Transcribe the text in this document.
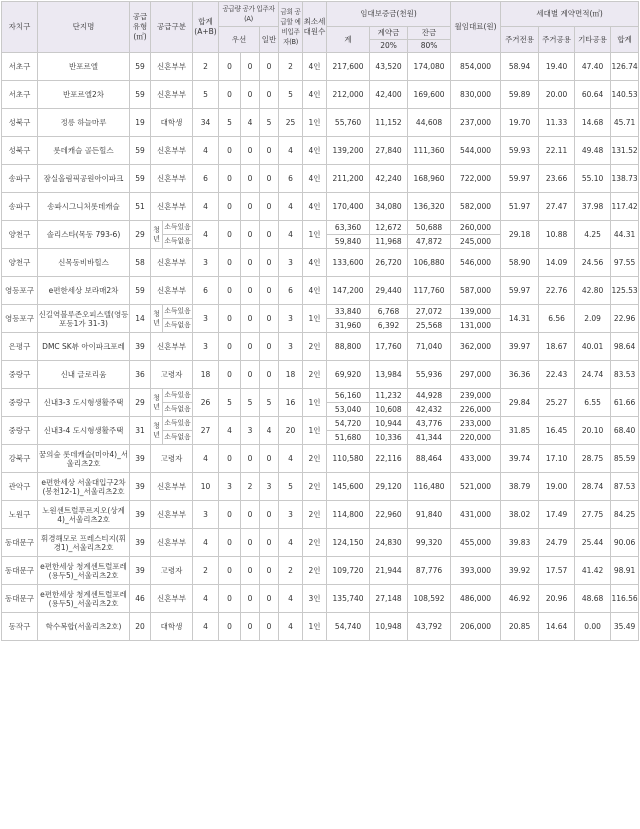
자치구	단지명	공급유형(㎡)	공급구분		합계(A+B)	공급량 공가 입주자(A)			금회 공급할 예비입주자(B)	최소세대원수	임대보증금(천원)			월임대료(원)	세대별 계약면적(㎡)			
						우선		일반			계	계약금	잔금		주거전용	주거공용	기타공용	합계
												20%	80%					
서초구	반포르엘	59	신혼부부		2	0	0	0	2	4인	217,600	43,520	174,080	854,000	58.94	19.40	47.40	126.74
서초구	반포르엘2차	59	신혼부부		5	0	0	0	5	4인	212,000	42,400	169,600	830,000	59.89	20.00	60.64	140.53
성북구	정릉 하늘마루	19	대학생		34	5	4	5	25	1인	55,760	11,152	44,608	237,000	19.70	11.33	14.68	45.71
성북구	롯데캐슬 골든힐스	59	신혼부부		4	0	0	0	4	4인	139,200	27,840	111,360	544,000	59.93	22.11	49.48	131.52
송파구	잠실올림픽공원아이파크	59	신혼부부		6	0	0	0	6	4인	211,200	42,240	168,960	722,000	59.97	23.66	55.10	138.73
송파구	송파시그니처롯데캐슬	51	신혼부부		4	0	0	0	4	4인	170,400	34,080	136,320	582,000	51.97	27.47	37.98	117.42
양천구	솔리스타(목동 793-6)	29	청년	소득있음	4	0	0	0	4	1인	63,360	12,672	50,688	260,000	29.18	10.88	4.25	44.31
				소득없음							59,840	11,968	47,872	245,000				
양천구	신목동비바힐스	58	신혼부부		3	0	0	0	3	4인	133,600	26,720	106,880	546,000	58.90	14.09	24.56	97.55
영등포구	e편한세상 보라매2차	59	신혼부부		6	0	0	0	6	4인	147,200	29,440	117,760	587,000	59.97	22.76	42.80	125.53
영등포구	신길역블루존오피스텔(영등포동1가 31-3)	14	청년	소득있음	3	0	0	0	3	1인	33,840	6,768	27,072	139,000	14.31	6.56	2.09	22.96
				소득없음							31,960	6,392	25,568	131,000				
은평구	DMC SK뷰 아이파크포레	39	신혼부부		3	0	0	0	3	2인	88,800	17,760	71,040	362,000	39.97	18.67	40.01	98.64
중랑구	신내 글로리움	36	고령자		18	0	0	0	18	2인	69,920	13,984	55,936	297,000	36.36	22.43	24.74	83.53
중랑구	신내3-3 도시형생활주택	29	청년	소득있음	26	5	5	5	16	1인	56,160	11,232	44,928	239,000	29.84	25.27	6.55	61.66
				소득없음							53,040	10,608	42,432	226,000				
중랑구	신내3-4 도시형생활주택	31	청년	소득있음	27	4	3	4	20	1인	54,720	10,944	43,776	233,000	31.85	16.45	20.10	68.40
				소득없음							51,680	10,336	41,344	220,000				
강북구	꿈의숲 롯데캐슬(미아4)_서울리츠2호	39	고령자		4	0	0	0	4	2인	110,580	22,116	88,464	433,000	39.74	17.10	28.75	85.59
관악구	e편한세상 서울대입구2차(봉천12-1)_서울리츠2호	39	신혼부부		10	3	2	3	5	2인	145,600	29,120	116,480	521,000	38.79	19.00	28.74	87.53
노원구	노원센트럴푸르지오(상계4)_서울리츠2호	39	신혼부부		3	0	0	0	3	2인	114,800	22,960	91,840	431,000	38.02	17.49	27.75	84.25
동대문구	휘경해모로 프레스티지(휘경1)_서울리츠2호	39	신혼부부		4	0	0	0	4	2인	124,150	24,830	99,320	455,000	39.83	24.79	25.44	90.06
동대문구	e편한세상 청계센트럴포레(용두5)_서울리츠2호	39	고령자		2	0	0	0	2	2인	109,720	21,944	87,776	393,000	39.92	17.57	41.42	98.91
동대문구	e편한세상 청계센트럴포레(용두5)_서울리츠2호	46	신혼부부		4	0	0	0	4	3인	135,740	27,148	108,592	486,000	46.92	20.96	48.68	116.56
동작구	학수복합(서울리츠2호)	20	대학생		4	0	0	0	4	1인	54,740	10,948	43,792	206,000	20.85	14.64	0.00	35.49
